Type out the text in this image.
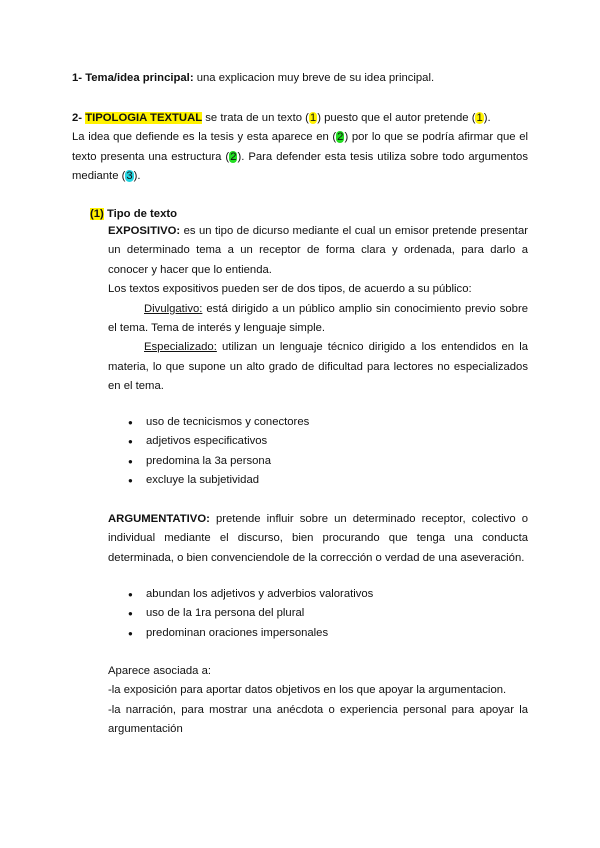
1- Tema/idea principal: una explicacion muy breve de su idea principal.
2- TIPOLOGIA TEXTUAL se trata de un texto (1) puesto que el autor pretende (1).
La idea que defiende es la tesis y esta aparece en (2) por lo que se podría afirmar que el texto presenta una estructura (2). Para defender esta tesis utiliza sobre todo argumentos mediante (3).
(1) Tipo de texto
EXPOSITIVO: es un tipo de dicurso mediante el cual un emisor pretende presentar un determinado tema a un receptor de forma clara y ordenada, para darlo a conocer y hacer que lo entienda.
Los textos expositivos pueden ser de dos tipos, de acuerdo a su público:
Divulgativo: está dirigido a un público amplio sin conocimiento previo sobre el tema. Tema de interés y lenguaje simple.
Especializado: utilizan un lenguaje técnico dirigido a los entendidos en la materia, lo que supone un alto grado de dificultad para lectores no especializados en el tema.
● uso de tecnicismos y conectores
● adjetivos especificativos
● predomina la 3a persona
● excluye la subjetividad
ARGUMENTATIVO: pretende influir sobre un determinado receptor, colectivo o individual mediante el discurso, bien procurando que tenga una conducta determinada, o bien convenciendole de la corrección o verdad de una aseveración.
● abundan los adjetivos y adverbios valorativos
● uso de la 1ra persona del plural
● predominan oraciones impersonales
Aparece asociada a:
-la exposición para aportar datos objetivos en los que apoyar la argumentacion.
-la narración, para mostrar una anécdota o experiencia personal para apoyar la argumentación
